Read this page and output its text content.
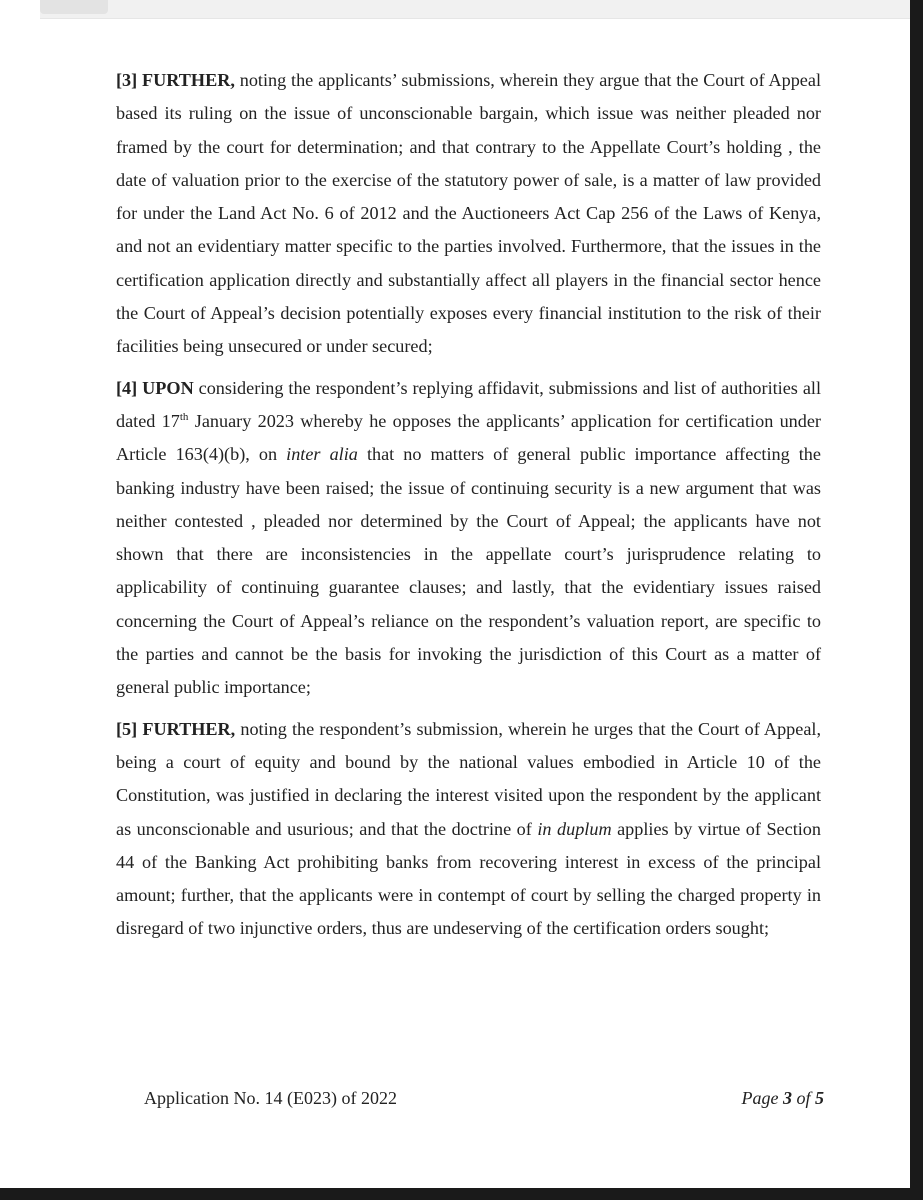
[3] FURTHER, noting the applicants’ submissions, wherein they argue that the Court of Appeal based its ruling on the issue of unconscionable bargain, which issue was neither pleaded nor framed by the court for determination; and that contrary to the Appellate Court’s holding , the date of valuation prior to the exercise of the statutory power of sale, is a matter of law provided for under the Land Act No. 6 of 2012 and the Auctioneers Act Cap 256 of the Laws of Kenya, and not an evidentiary matter specific to the parties involved. Furthermore, that the issues in the certification application directly and substantially affect all players in the financial sector hence the Court of Appeal’s decision potentially exposes every financial institution to the risk of their facilities being unsecured or under secured;

[4] UPON considering the respondent’s replying affidavit, submissions and list of authorities all dated 17th January 2023 whereby he opposes the applicants’ application for certification under Article 163(4)(b), on inter alia that no matters of general public importance affecting the banking industry have been raised; the issue of continuing security is a new argument that was neither contested , pleaded nor determined by the Court of Appeal; the applicants have not shown that there are inconsistencies in the appellate court’s jurisprudence relating to applicability of continuing guarantee clauses; and lastly, that the evidentiary issues raised concerning the Court of Appeal’s reliance on the respondent’s valuation report, are specific to the parties and cannot be the basis for invoking the jurisdiction of this Court as a matter of general public importance;

[5] FURTHER, noting the respondent’s submission, wherein he urges that the Court of Appeal, being a court of equity and bound by the national values embodied in Article 10 of the Constitution, was justified in declaring the interest visited upon the respondent by the applicant as unconscionable and usurious; and that the doctrine of in duplum applies by virtue of Section 44 of the Banking Act prohibiting banks from recovering interest in excess of the principal amount; further, that the applicants were in contempt of court by selling the charged property in disregard of two injunctive orders, thus are undeserving of the certification orders sought;

Application No. 14 (E023) of 2022	Page 3 of 5
